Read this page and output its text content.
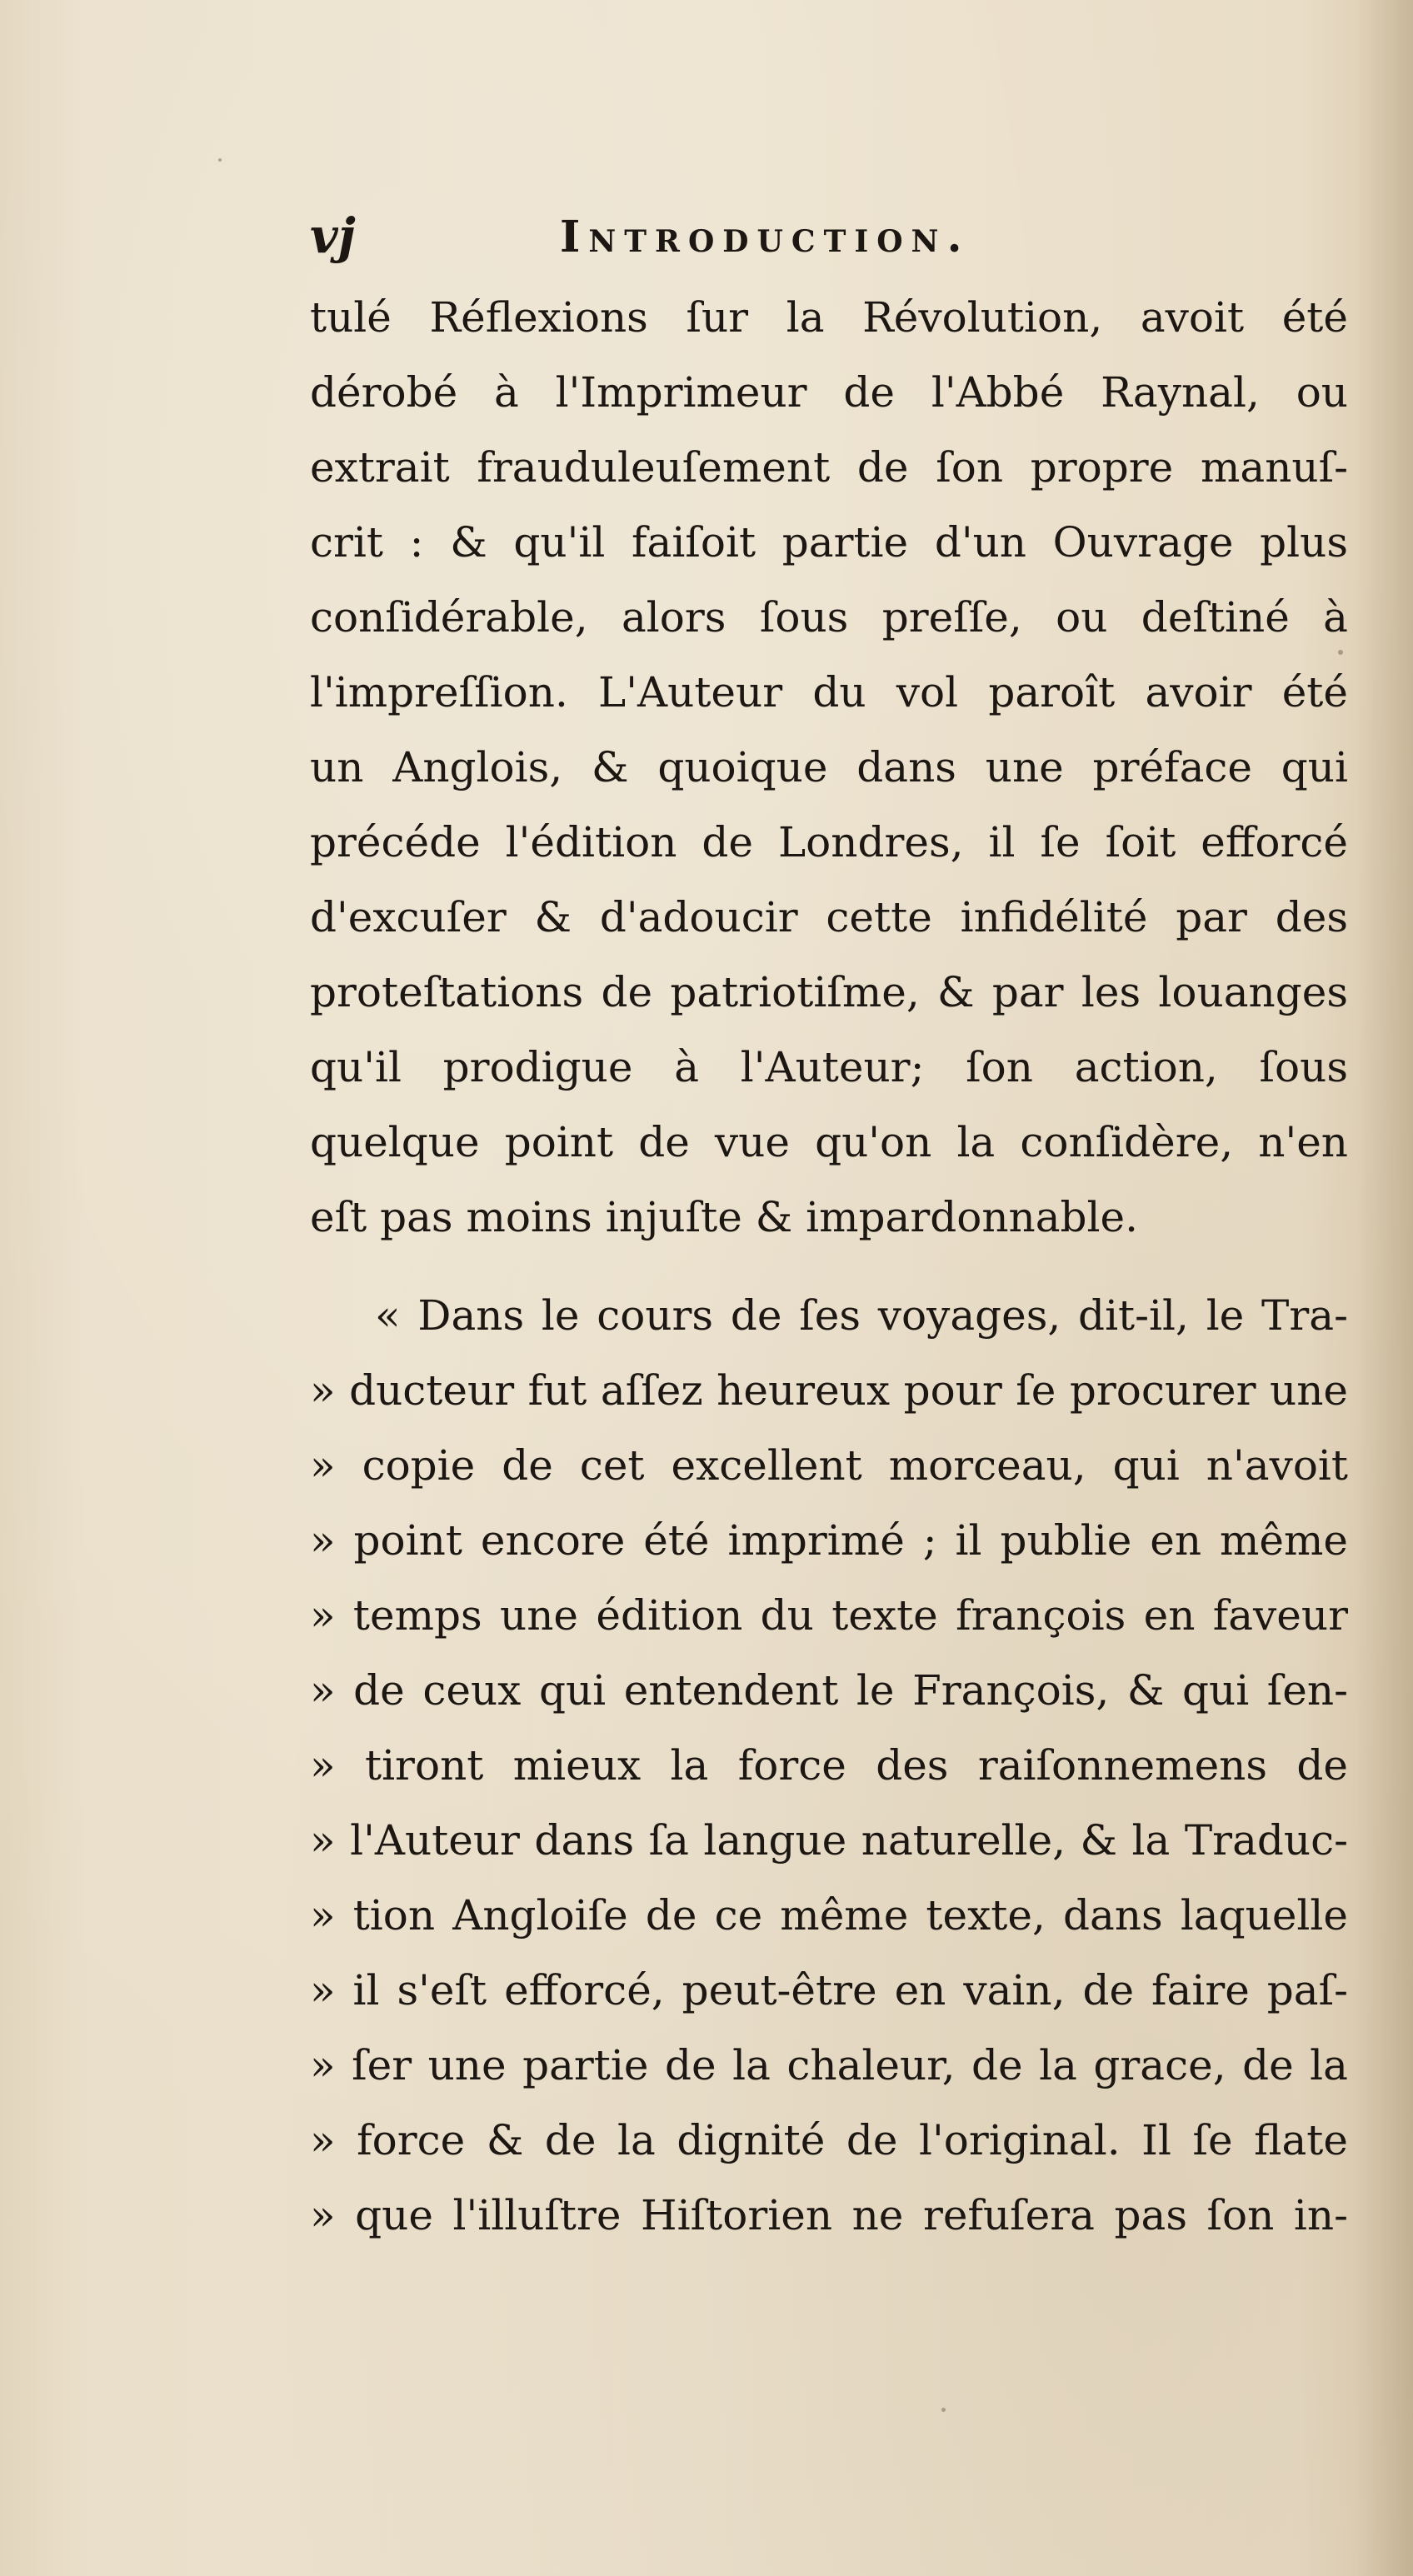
vj	Introduction.
tulé Réflexions ſur la Révolution, avoit été
dérobé à l'Imprimeur de l'Abbé Raynal, ou
extrait frauduleuſement de ſon propre manuſ-
crit : & qu'il faiſoit partie d'un Ouvrage plus
conſidérable, alors ſous preſſe, ou deſtiné à
l'impreſſion. L'Auteur du vol paroît avoir été
un Anglois, & quoique dans une préface qui
précéde l'édition de Londres, il ſe ſoit efforcé
d'excuſer & d'adoucir cette infidélité par des
proteſtations de patriotiſme, & par les louanges
qu'il prodigue à l'Auteur; ſon action, ſous
quelque point de vue qu'on la conſidère, n'en
eſt pas moins injuſte & impardonnable.
« Dans le cours de ſes voyages, dit-il, le Tra-
» ducteur fut aſſez heureux pour ſe procurer une
» copie de cet excellent morceau, qui n'avoit
» point encore été imprimé ; il publie en même
» temps une édition du texte françois en faveur
» de ceux qui entendent le François, & qui ſen-
» tiront mieux la force des raiſonnemens de
» l'Auteur dans ſa langue naturelle, & la Traduc-
» tion Angloiſe de ce même texte, dans laquelle
» il s'eſt efforcé, peut-être en vain, de faire paſ-
» ſer une partie de la chaleur, de la grace, de la
» force & de la dignité de l'original. Il ſe flate
» que l'illuſtre Hiſtorien ne refuſera pas ſon in-
